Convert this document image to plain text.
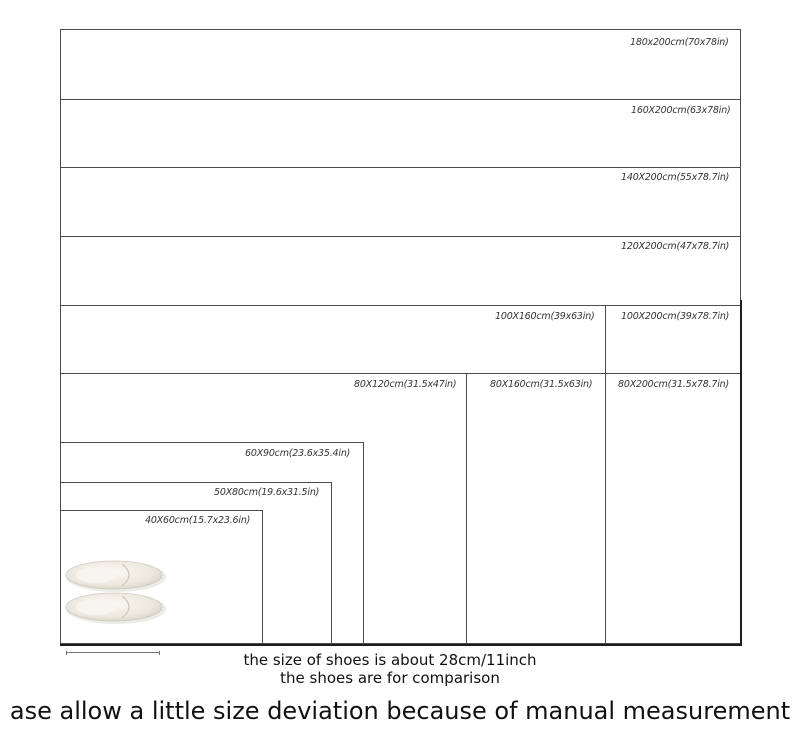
180x200cm(70x78in)
160X200cm(63x78in)
140X200cm(55x78.7in)
120X200cm(47x78.7in)
100X160cm(39x63in)	100X200cm(39x78.7in)
80X120cm(31.5x47in)	80X160cm(31.5x63in)	80X200cm(31.5x78.7in)
60X90cm(23.6x35.4in)
50X80cm(19.6x31.5in)
40X60cm(15.7x23.6in)
the size of shoes is about 28cm/11inch
the shoes are for comparison
ase allow a little size deviation because of manual measurement
